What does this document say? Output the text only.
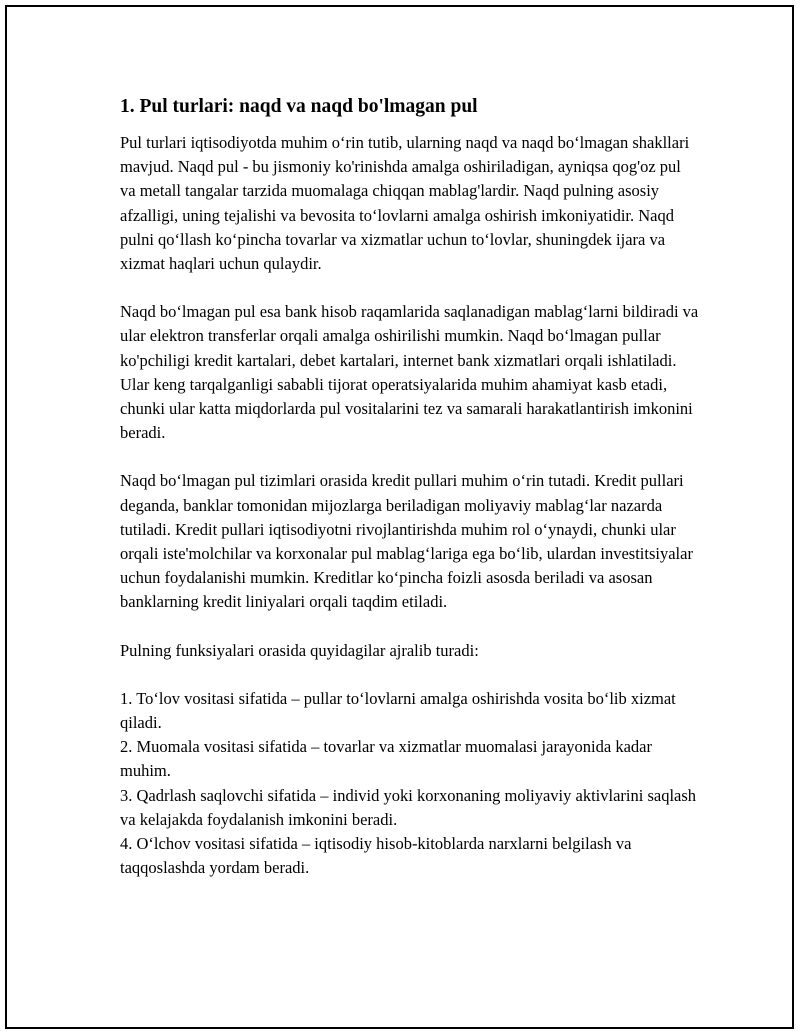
1. Pul turlari: naqd va naqd bo'lmagan pul

Pul turlari iqtisodiyotda muhim o‘rin tutib, ularning naqd va naqd bo‘lmagan shakllari mavjud. Naqd pul - bu jismoniy ko'rinishda amalga oshiriladigan, ayniqsa qog'oz pul va metall tangalar tarzida muomalaga chiqqan mablag'lardir. Naqd pulning asosiy afzalligi, uning tejalishi va bevosita to‘lovlarni amalga oshirish imkoniyatidir. Naqd pulni qo‘llash ko‘pincha tovarlar va xizmatlar uchun to‘lovlar, shuningdek ijara va xizmat haqlari uchun qulaydir.

Naqd bo‘lmagan pul esa bank hisob raqamlarida saqlanadigan mablag‘larni bildiradi va ular elektron transferlar orqali amalga oshirilishi mumkin. Naqd bo‘lmagan pullar ko'pchiligi kredit kartalari, debet kartalari, internet bank xizmatlari orqali ishlatiladi. Ular keng tarqalganligi sababli tijorat operatsiyalarida muhim ahamiyat kasb etadi, chunki ular katta miqdorlarda pul vositalarini tez va samarali harakatlantirish imkonini beradi.

Naqd bo‘lmagan pul tizimlari orasida kredit pullari muhim o‘rin tutadi. Kredit pullari deganda, banklar tomonidan mijozlarga beriladigan moliyaviy mablag‘lar nazarda tutiladi. Kredit pullari iqtisodiyotni rivojlantirishda muhim rol o‘ynaydi, chunki ular orqali iste'molchilar va korxonalar pul mablag‘lariga ega bo‘lib, ulardan investitsiyalar uchun foydalanishi mumkin. Kreditlar ko‘pincha foizli asosda beriladi va asosan banklarning kredit liniyalari orqali taqdim etiladi.

Pulning funksiyalari orasida quyidagilar ajralib turadi:

1. To‘lov vositasi sifatida – pullar to‘lovlarni amalga oshirishda vosita bo‘lib xizmat qiladi.
2. Muomala vositasi sifatida – tovarlar va xizmatlar muomalasi jarayonida kadar muhim.
3. Qadrlash saqlovchi sifatida – individ yoki korxonaning moliyaviy aktivlarini saqlash va kelajakda foydalanish imkonini beradi.
4. O‘lchov vositasi sifatida – iqtisodiy hisob-kitoblarda narxlarni belgilash va taqqoslashda yordam beradi.
